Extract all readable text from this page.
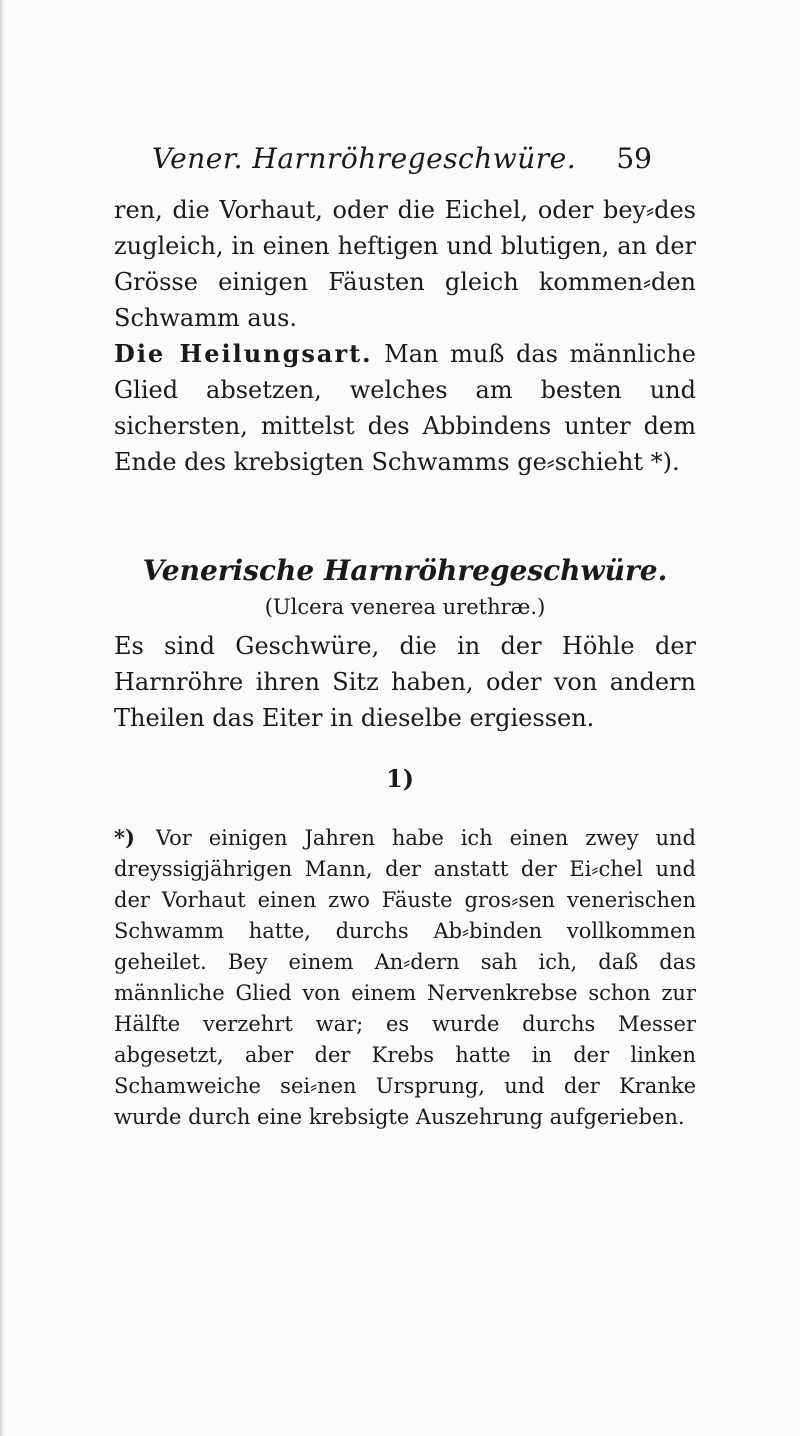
Vener. Harnröhregeschwüre. 59

ren, die Vorhaut, oder die Eichel, oder bey⸗des zugleich, in einen heftigen und blutigen, an der Grösse einigen Fäusten gleich kommen⸗den Schwamm aus.

Die Heilungsart. Man muß das männliche Glied absetzen, welches am besten und sichersten, mittelst des Abbindens unter dem Ende des krebsigten Schwamms ge⸗schieht *).

Venerische Harnröhregeschwüre.
(Ulcera venerea urethræ.)

Es sind Geschwüre, die in der Höhle der Harnröhre ihren Sitz haben, oder von andern Theilen das Eiter in dieselbe ergiessen.

1)

*) Vor einigen Jahren habe ich einen zwey und dreyssigjährigen Mann, der anstatt der Ei⸗chel und der Vorhaut einen zwo Fäuste gros⸗sen venerischen Schwamm hatte, durchs Ab⸗binden vollkommen geheilet. Bey einem An⸗dern sah ich, daß das männliche Glied von einem Nervenkrebse schon zur Hälfte verzehrt war; es wurde durchs Messer abgesetzt, aber der Krebs hatte in der linken Schamweiche sei⸗nen Ursprung, und der Kranke wurde durch eine krebsigte Auszehrung aufgerieben.
